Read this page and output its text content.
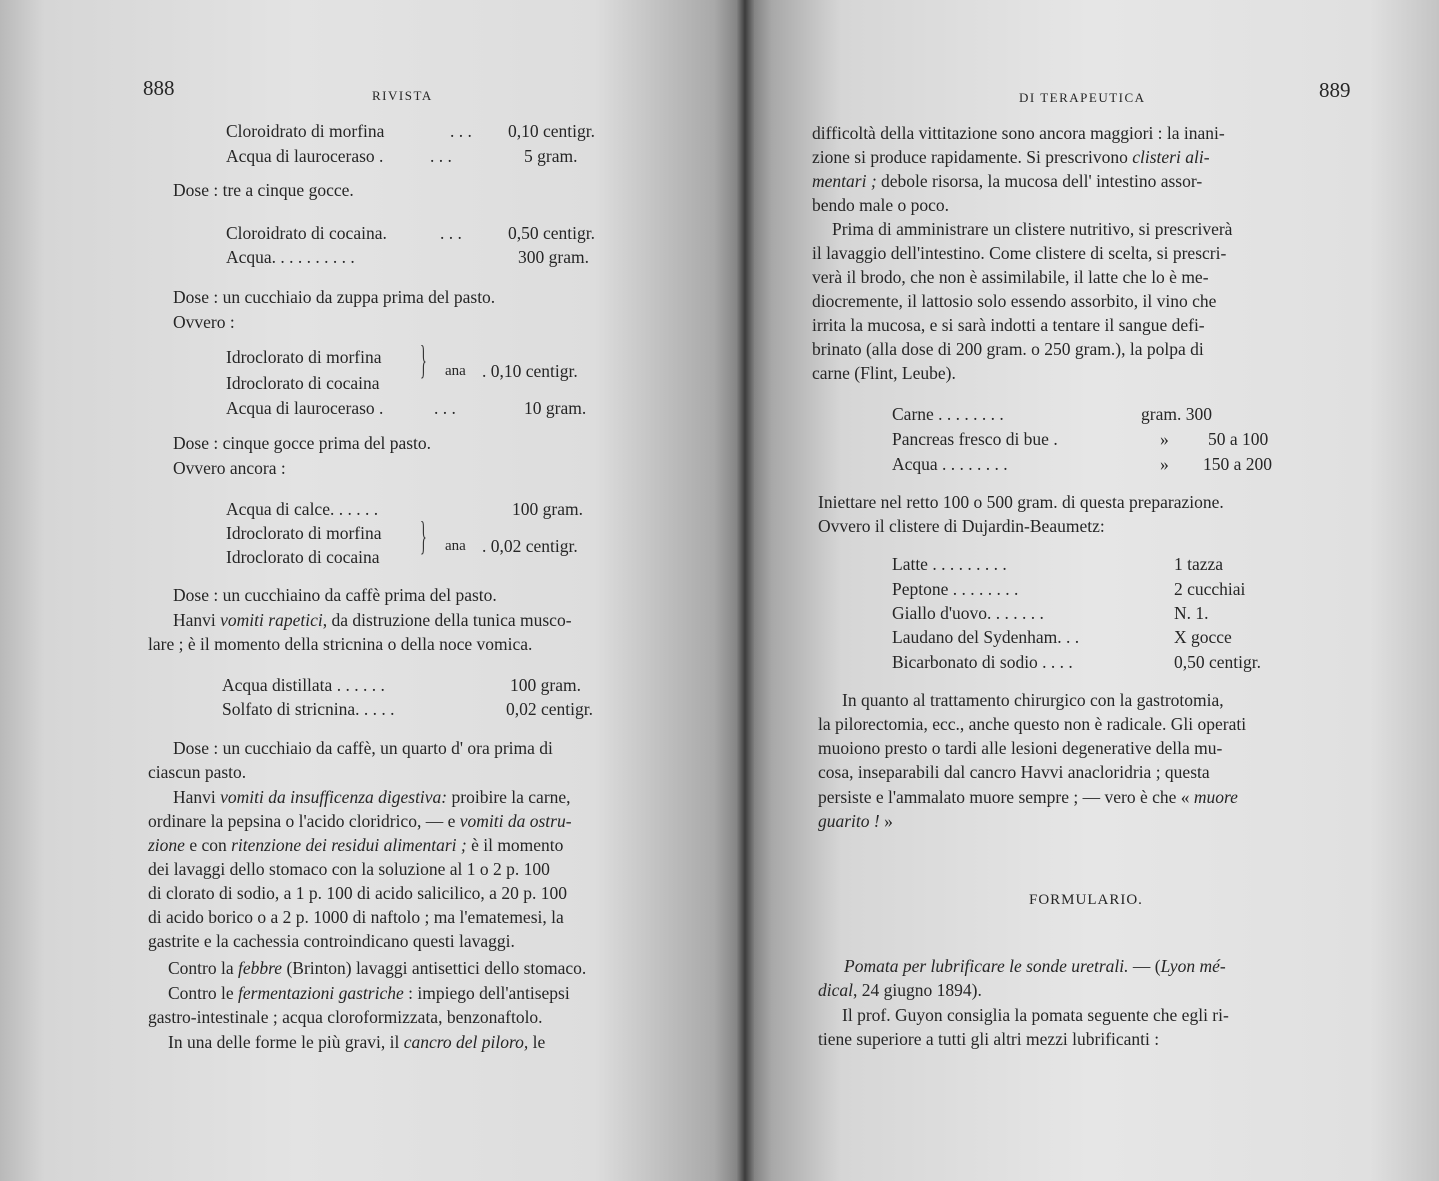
888	RIVISTA
Cloroidrato di morfina	. . . 0,10 centigr.
Acqua di lauroceraso .	. . .	5 gram.
Dose : tre a cinque gocce.
Cloroidrato di cocaina.	. . .	0,50 centigr.
Acqua. . . . . . . . . .	300 gram.
Dose : un cucchiaio da zuppa prima del pasto.
Ovvero :
Idroclorato di morfina
Idroclorato di cocaina
} ana . 0,10 centigr.
Acqua di lauroceraso .	. . .	10 gram.
Dose : cinque gocce prima del pasto.
Ovvero ancora :
Acqua di calce. . . . . .	100 gram.
Idroclorato di morfina
Idroclorato di cocaina } ana . 0,02 centigr.
Dose : un cucchiaino da caffè prima del pasto.
Hanvi vomiti rapetici, da distruzione della tunica musco-
lare ; è il momento della stricnina o della noce vomica.
Acqua distillata . . . . . .	100 gram.
Solfato di stricnina. . . . .	0,02 centigr.
Dose : un cucchiaio da caffè, un quarto d' ora prima di
ciascun pasto.
Hanvi vomiti da insufficenza digestiva: proibire la carne,
ordinare la pepsina o l'acido cloridrico, — e vomiti da ostru-
zione e con ritenzione dei residui alimentari ; è il momento
dei lavaggi dello stomaco con la soluzione al 1 o 2 p. 100
di clorato di sodio, a 1 p. 100 di acido salicilico, a 20 p. 100
di acido borico o a 2 p. 1000 di naftolo ; ma l'ematemesi, la
gastrite e la cachessia controindicano questi lavaggi.
Contro la febbre (Brinton) lavaggi antisettici dello stomaco.
Contro le fermentazioni gastriche : impiego dell'antisepsi
gastro-intestinale ; acqua cloroformizzata, benzonaftolo.
In una delle forme le più gravi, il cancro del piloro, le
DI TERAPEUTICA	889
difficoltà della vittitazione sono ancora maggiori : la inani-
zione si produce rapidamente. Si prescrivono clisteri ali-
mentari ; debole risorsa, la mucosa dell' intestino assor-
bendo male o poco.
Prima di amministrare un clistere nutritivo, si prescriverà
il lavaggio dell'intestino. Come clistere di scelta, si prescri-
verà il brodo, che non è assimilabile, il latte che lo è me-
diocremente, il lattosio solo essendo assorbito, il vino che
irrita la mucosa, e si sarà indotti a tentare il sangue defi-
brinato (alla dose di 200 gram. o 250 gram.), la polpa di
carne (Flint, Leube).
Carne . . . . . . . .	gram. 300
Pancreas fresco di bue .	» 50 a 100
Acqua . . . . . . . .	» 150 a 200
Iniettare nel retto 100 o 500 gram. di questa preparazione.
Ovvero il clistere di Dujardin-Beaumetz:
Latte . . . . . . . . .	1 tazza
Peptone . . . . . . . .	2 cucchiai
Giallo d'uovo. . . . . . .	N. 1.
Laudano del Sydenham. . .	X gocce
Bicarbonato di sodio . . . .	0,50 centigr.
In quanto al trattamento chirurgico con la gastrotomia,
la pilorectomia, ecc., anche questo non è radicale. Gli operati
muoiono presto o tardi alle lesioni degenerative della mu-
cosa, inseparabili dal cancro Havvi anacloridria ; questa
persiste e l'ammalato muore sempre ; — vero è che « muore
guarito ! »
FORMULARIO.
Pomata per lubrificare le sonde uretrali. — (Lyon mé-
dical, 24 giugno 1894).
Il prof. Guyon consiglia la pomata seguente che egli ri-
tiene superiore a tutti gli altri mezzi lubrificanti :
